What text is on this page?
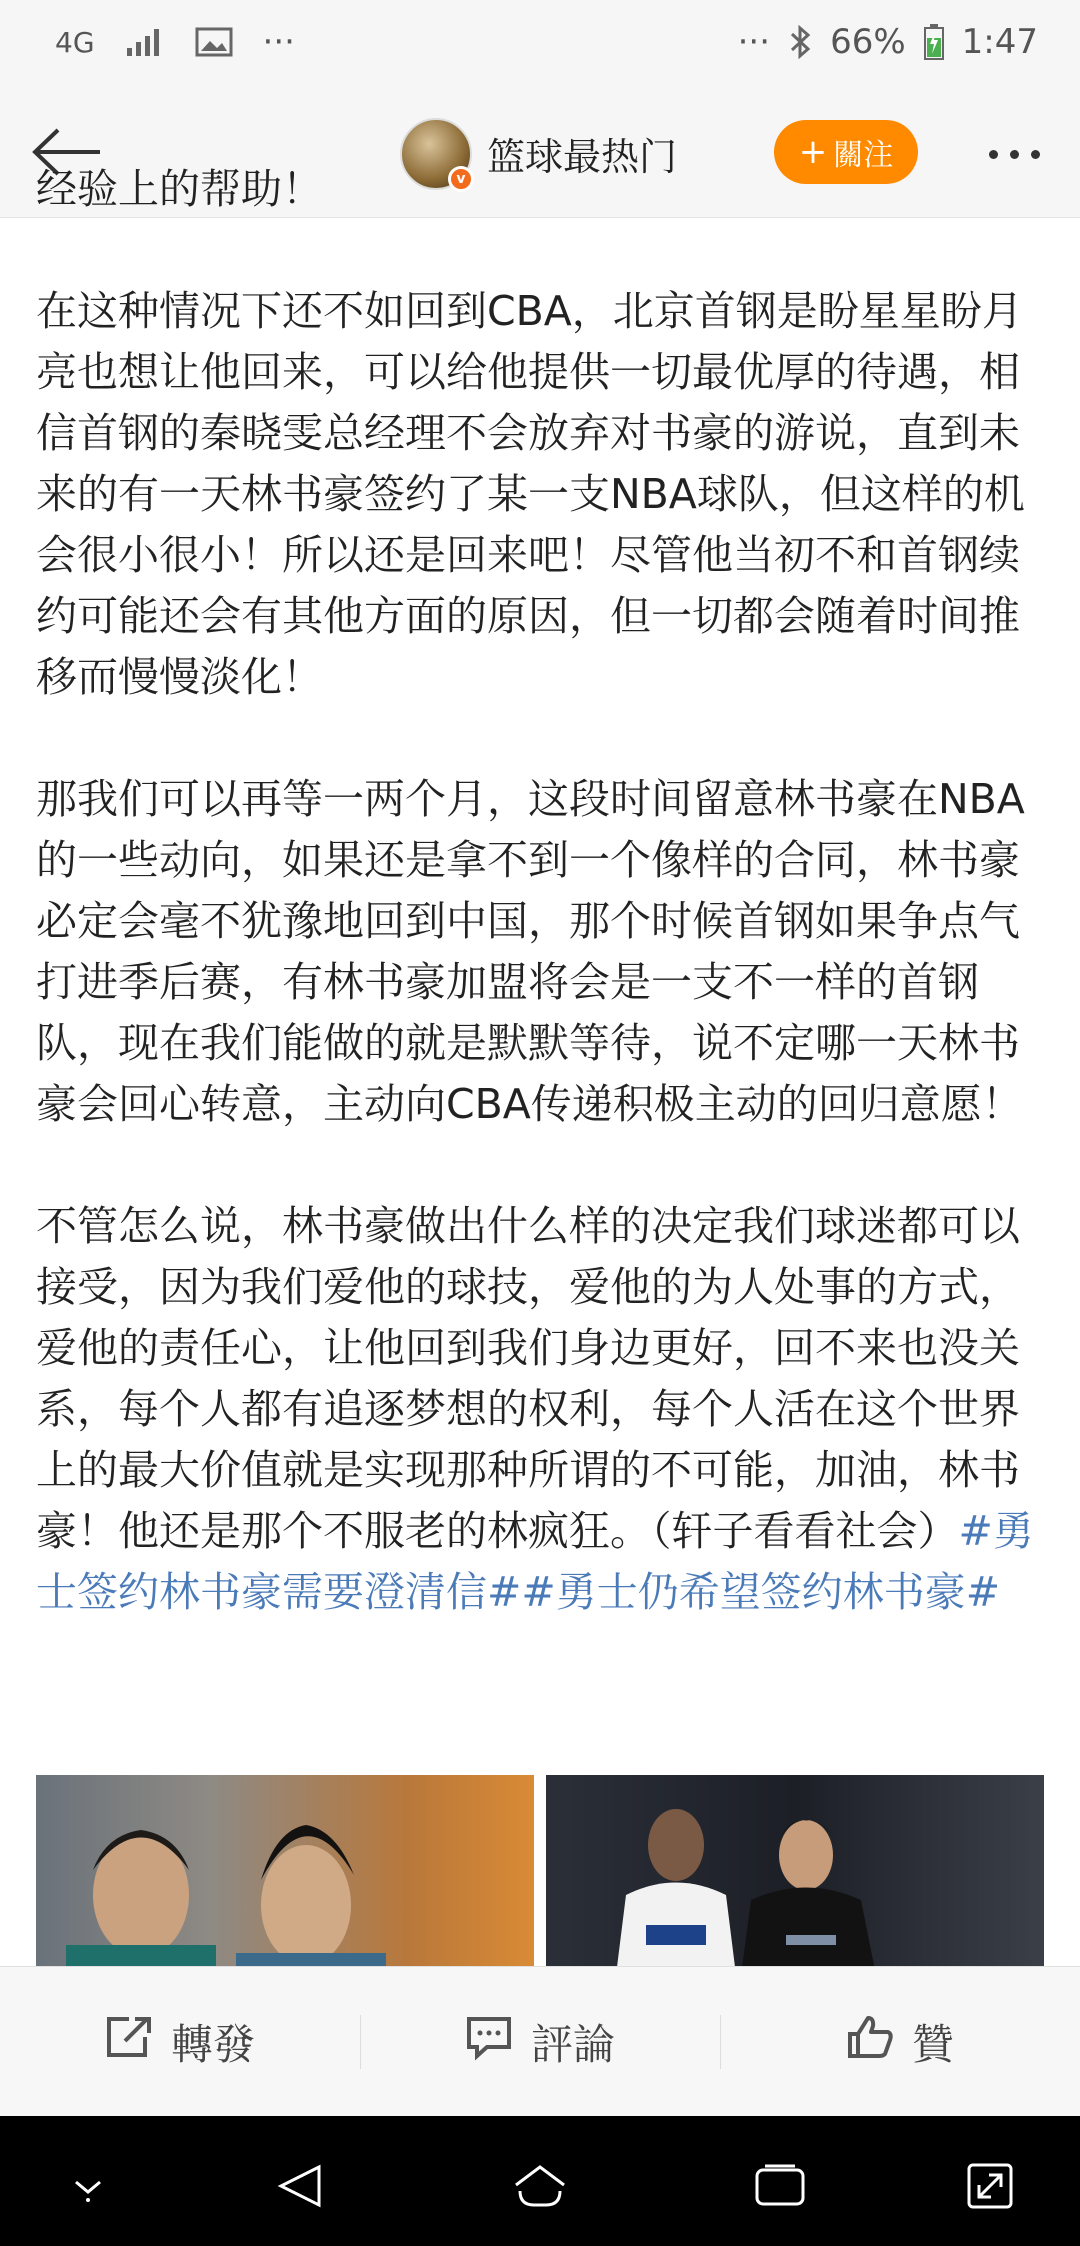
4G	···	··· 66% 1:47
v 篮球最热门	+ 關注

经验上的帮助！

在这种情况下还不如回到CBA，北京首钢是盼星星盼月亮也想让他回来，可以给他提供一切最优厚的待遇，相信首钢的秦晓雯总经理不会放弃对书豪的游说，直到未来的有一天林书豪签约了某一支NBA球队，但这样的机会很小很小！所以还是回来吧！尽管他当初不和首钢续约可能还会有其他方面的原因，但一切都会随着时间推移而慢慢淡化！

那我们可以再等一两个月，这段时间留意林书豪在NBA的一些动向，如果还是拿不到一个像样的合同，林书豪必定会毫不犹豫地回到中国，那个时候首钢如果争点气打进季后赛，有林书豪加盟将会是一支不一样的首钢队，现在我们能做的就是默默等待，说不定哪一天林书豪会回心转意，主动向CBA传递积极主动的回归意愿！

不管怎么说，林书豪做出什么样的决定我们球迷都可以接受，因为我们爱他的球技，爱他的为人处事的方式，爱他的责任心，让他回到我们身边更好，回不来也没关系，每个人都有追逐梦想的权利，每个人活在这个世界上的最大价值就是实现那种所谓的不可能，加油，林书豪！他还是那个不服老的林疯狂。（轩子看看社会）#勇士签约林书豪需要澄清信##勇士仍希望签约林书豪#

轉發	評論	贊
